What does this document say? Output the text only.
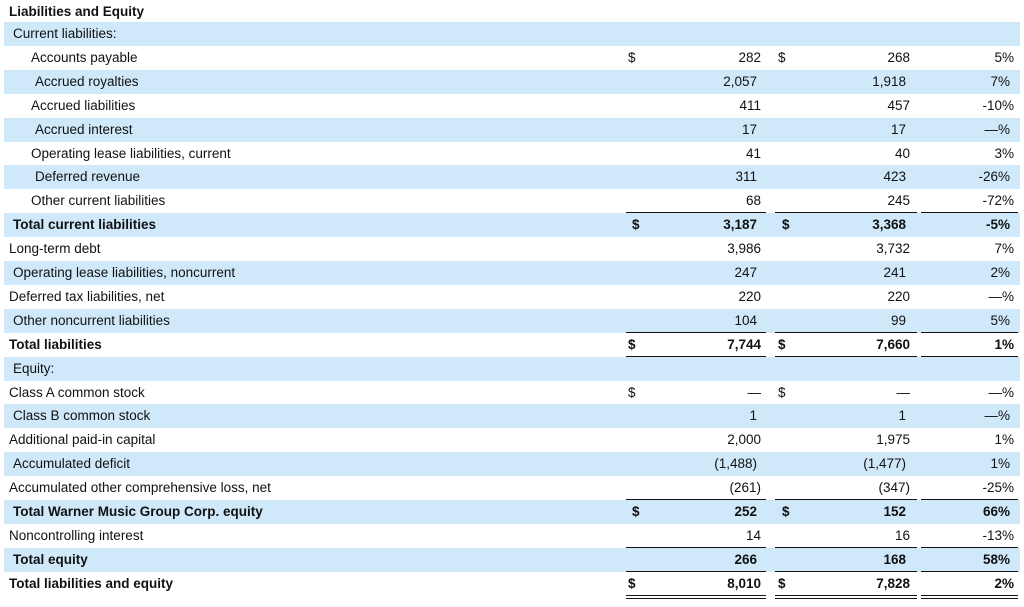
Liabilities and Equity
Current liabilities:
Accounts payable	$	282 $	268	5%
Accrued royalties	2,057	1,918	7%
Accrued liabilities	411	457	-10%
Accrued interest	17	17	—%
Operating lease liabilities, current	41	40	3%
Deferred revenue	311	423	-26%
Other current liabilities	68	245	-72%
Total current liabilities	$	3,187 $	3,368	-5%
Long-term debt	3,986	3,732	7%
Operating lease liabilities, noncurrent	247	241	2%
Deferred tax liabilities, net	220	220	—%
Other noncurrent liabilities	104	99	5%
Total liabilities	$	7,744 $	7,660	1%
Equity:
Class A common stock	$	— $	—	—%
Class B common stock	1	1	—%
Additional paid-in capital	2,000	1,975	1%
Accumulated deficit	(1,488)	(1,477)	1%
Accumulated other comprehensive loss, net	(261)	(347)	-25%
Total Warner Music Group Corp. equity	$	252 $	152	66%
Noncontrolling interest	14	16	-13%
Total equity	266	168	58%
Total liabilities and equity	$	8,010 $	7,828	2%
